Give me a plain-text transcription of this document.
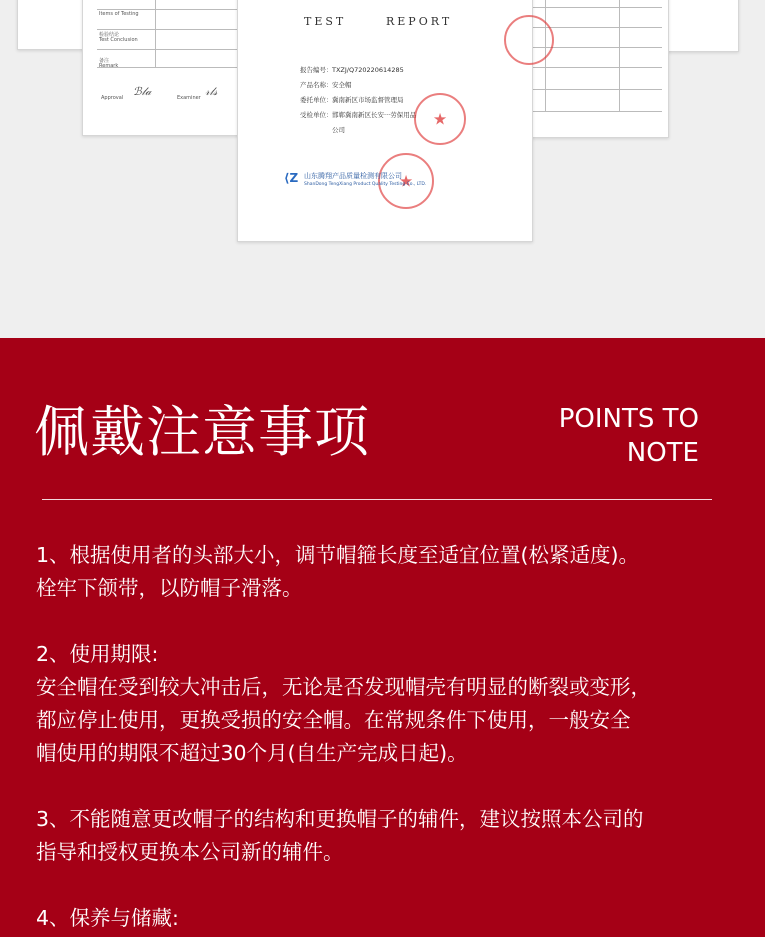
Items of Testing
检验结论
Test Conclusion
备注
Remark
Approval	Examiner
ℬ𝓁𝒶	𝓇𝓁𝓈
TEST	REPORT
报告编号：TXZJ/Q720220614285
产品名称：安全帽
委托单位：冀南新区市场监督管理局
受检单位：邯郸冀南新区长安···劳保用品
公司
★
★
⟨Z 山东腾翔产品质量检测有限公司
ShanDong TengXiang Product Quality Testing Co., LTD.
佩戴注意事项	POINTS TO
NOTE

1、根据使用者的头部大小，调节帽箍长度至适宜位置(松紧适度)。

栓牢下颌带，以防帽子滑落。

2、使用期限:

安全帽在受到较大冲击后，无论是否发现帽壳有明显的断裂或变形，

都应停止使用，更换受损的安全帽。在常规条件下使用，一般安全

帽使用的期限不超过30个月(自生产完成日起)。

3、不能随意更改帽子的结构和更换帽子的辅件，建议按照本公司的

指导和授权更换本公司新的辅件。

4、保养与储藏:
